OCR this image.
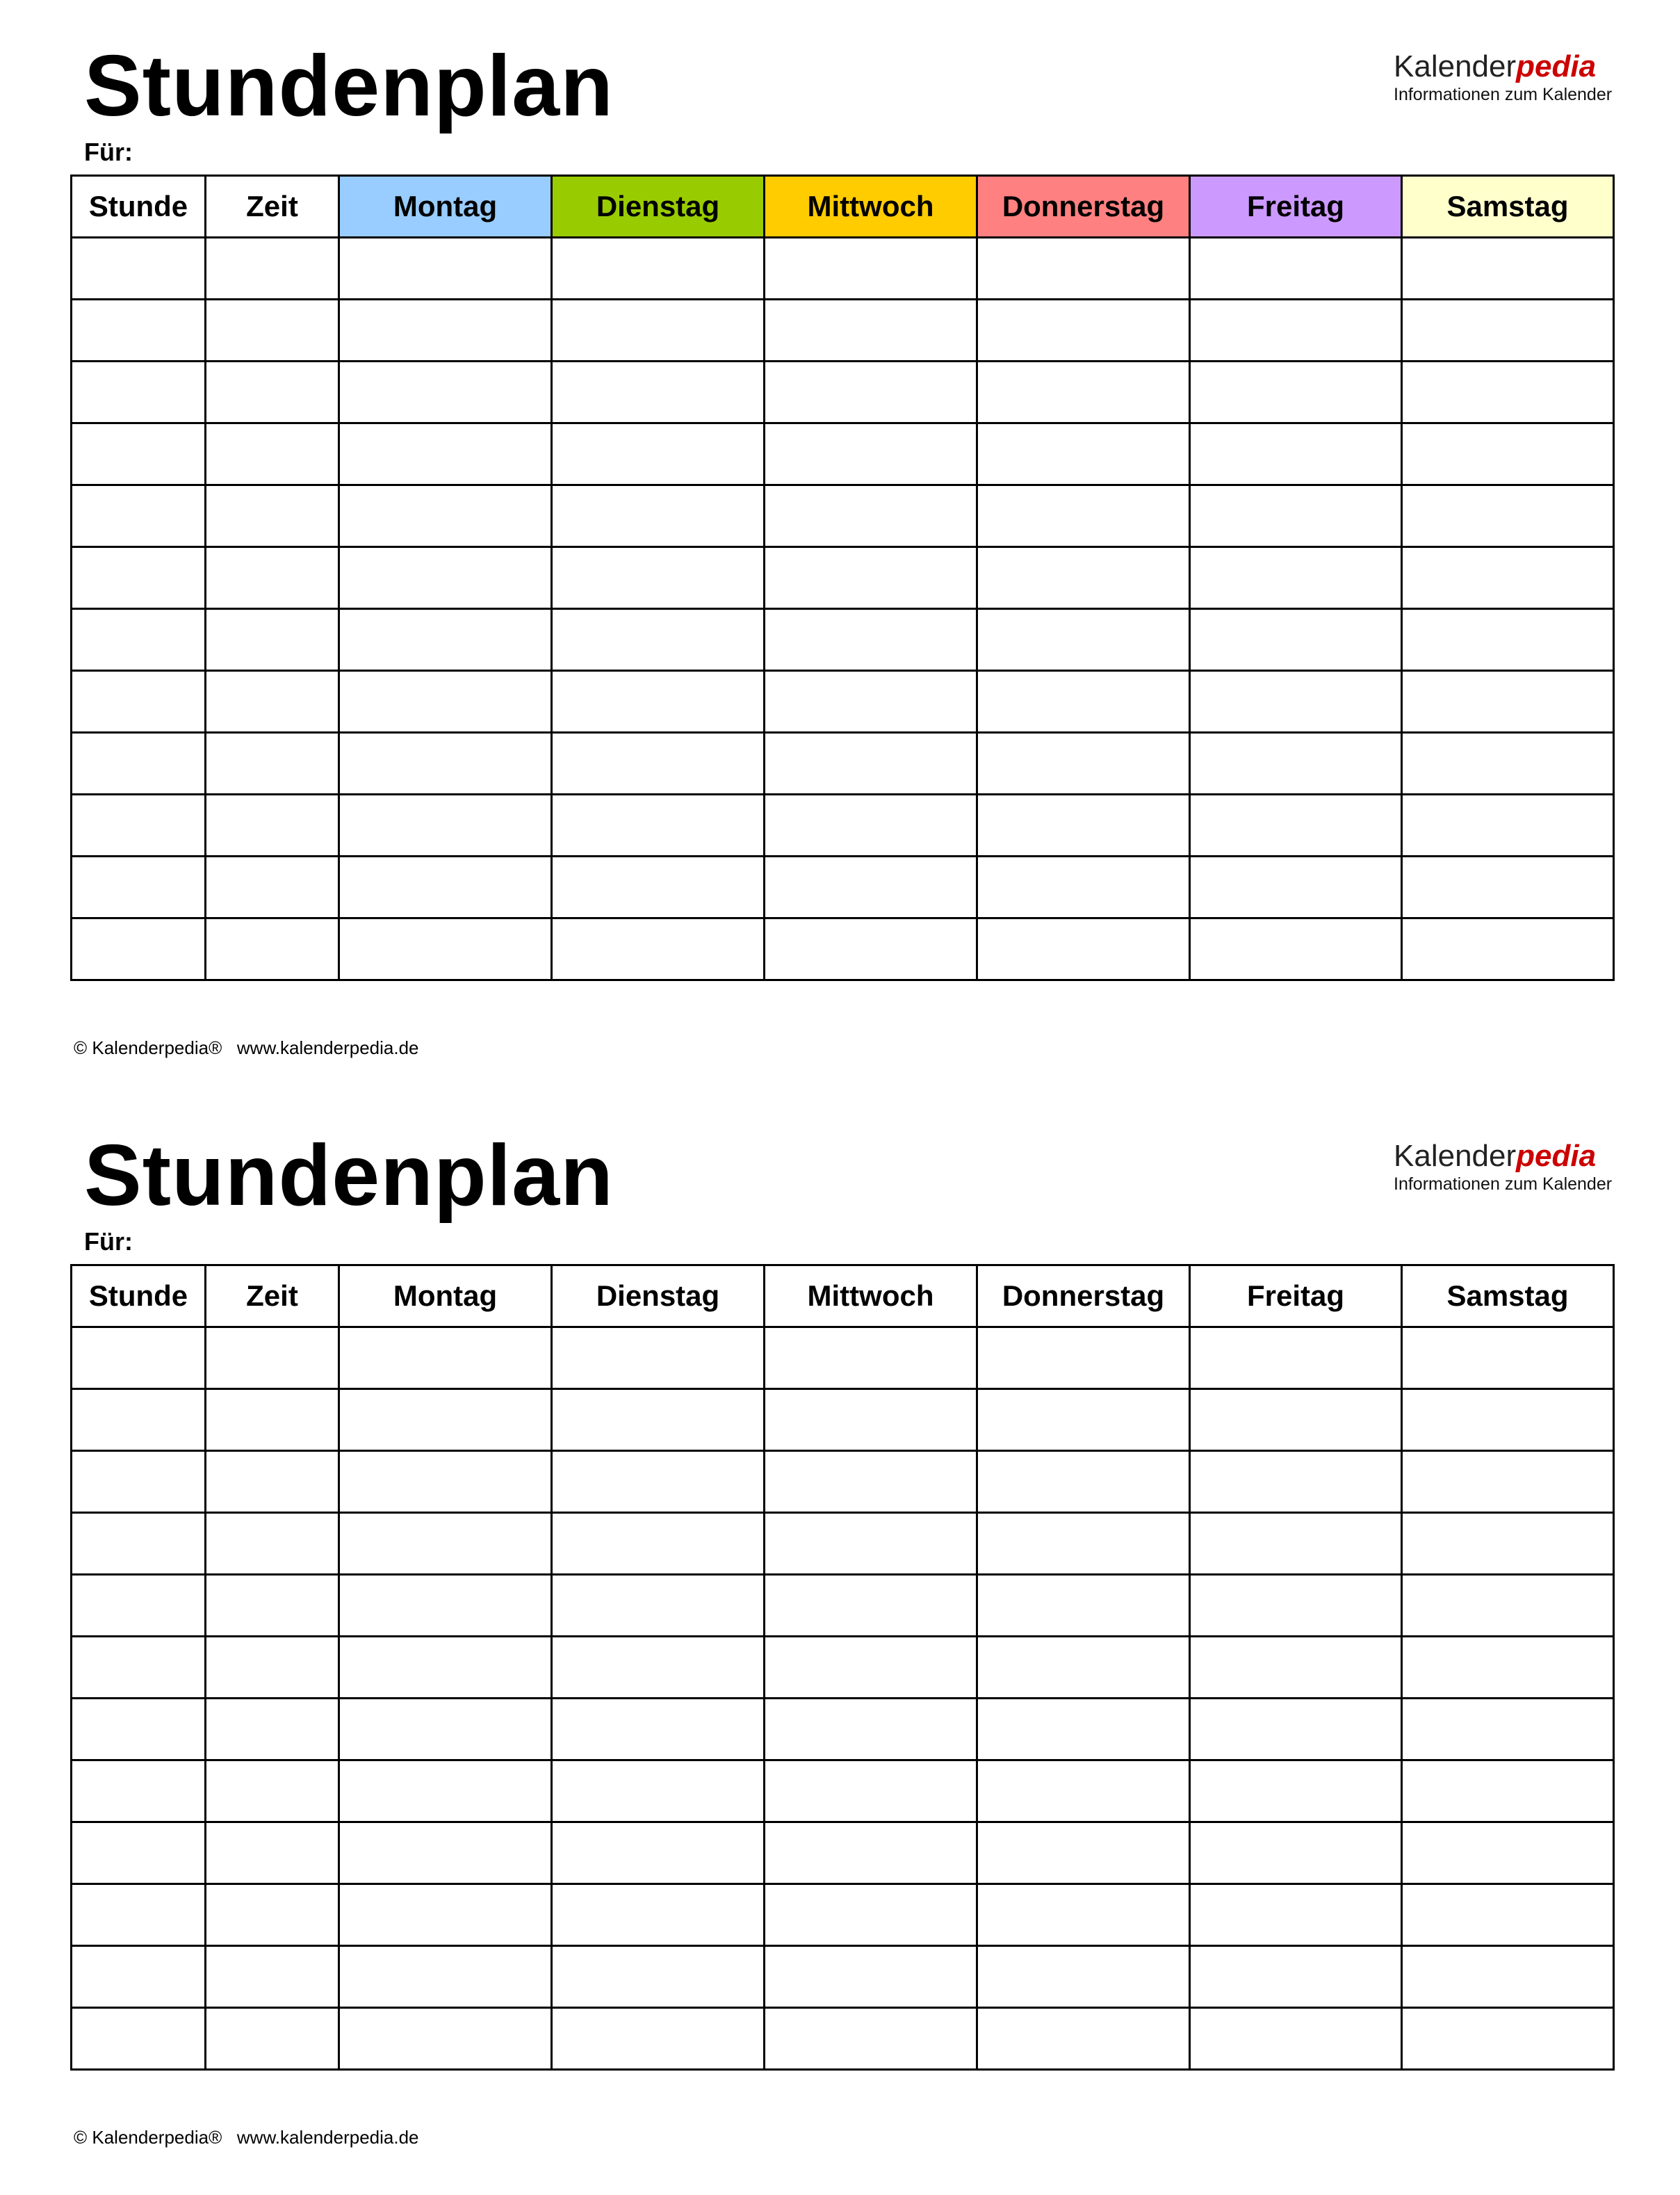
Stundenplan	Kalenderpedia
Informationen zum Kalender
Für:
Stunde	Zeit	Montag	Dienstag	Mittwoch	Donnerstag	Freitag	Samstag

© Kalenderpedia® www.kalenderpedia.de
Stundenplan	Kalenderpedia
Informationen zum Kalender
Für:
Stunde	Zeit	Montag	Dienstag	Mittwoch	Donnerstag	Freitag	Samstag

© Kalenderpedia® www.kalenderpedia.de
